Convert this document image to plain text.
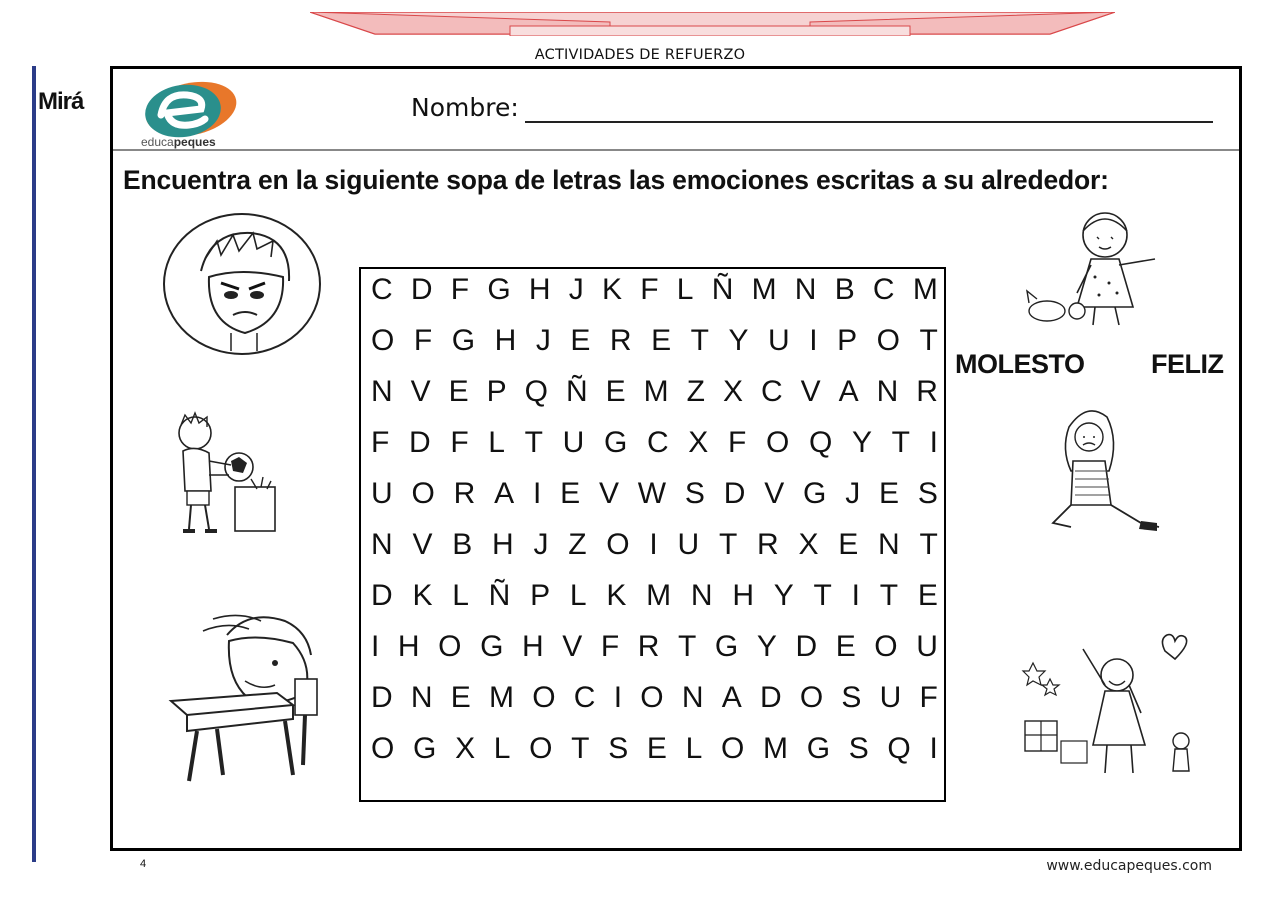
ACTIVIDADES DE REFUERZO
Mirá
educapeques
Nombre:
Encuentra en la siguiente sopa de letras las emociones escritas a su alrededor:
C D F G H J K F L Ñ M N B C M
O F G H J E R E T Y U I P O T
N V E P Q Ñ E M Z X C V A N R
F D F L T U G C X F O Q Y T I
U O R A I E V W S D V G J E S
N V B H J Z O I U T R X E N T
D K L Ñ P L K M N H Y T I T E
I H O G H V F R T G Y D E O U
D N E M O C I O N A D O S U F
O G X L O T S E L O M G S Q I
MOLESTO FELIZ
4	www.educapeques.com
